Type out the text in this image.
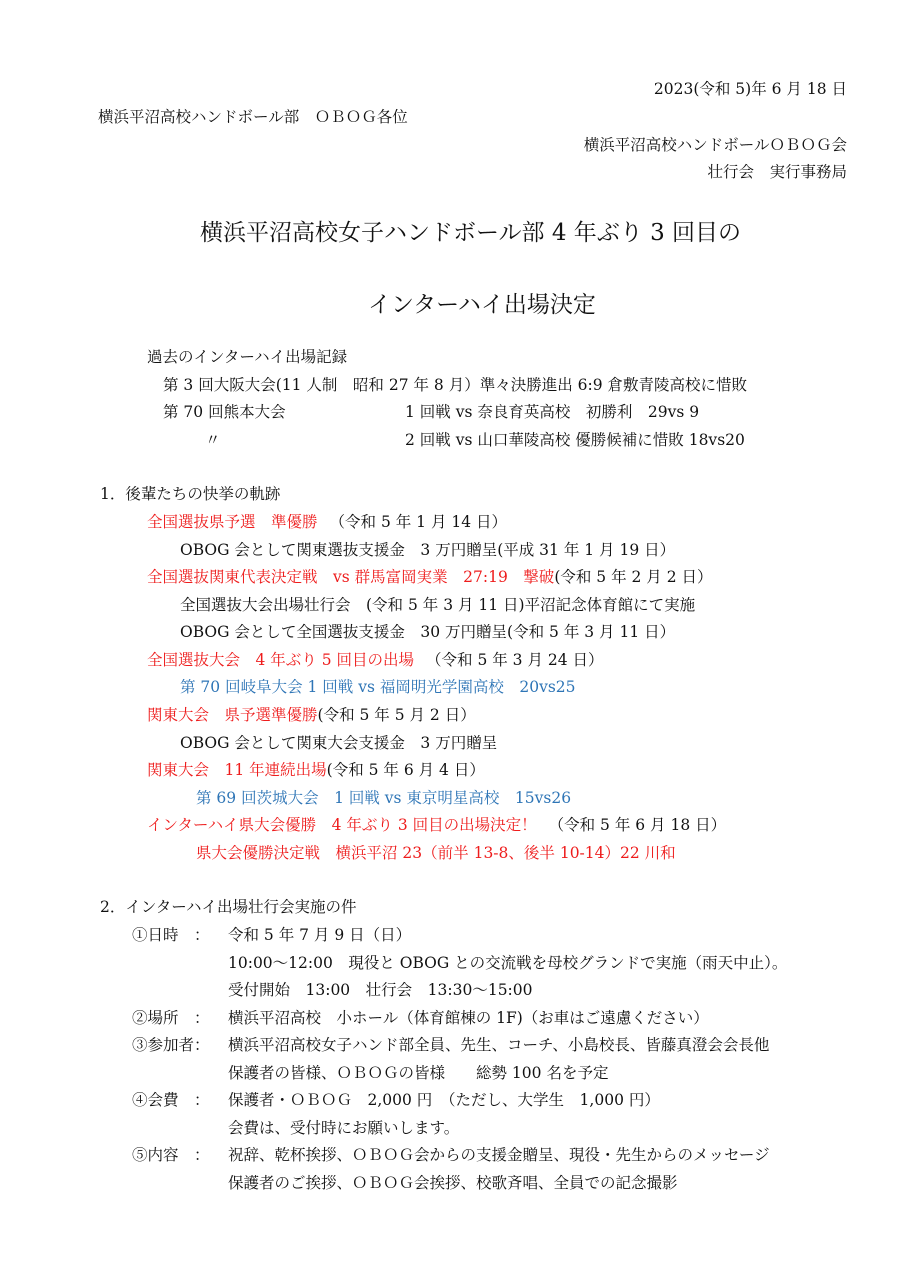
2023(令和 5)年 6 月 18 日
横浜平沼高校ハンドボール部　ＯＢＯＧ各位
横浜平沼高校ハンドボールＯＢＯＧ会
壮行会　実行事務局
横浜平沼高校女子ハンドボール部 4 年ぶり 3 回目の
インターハイ出場決定
過去のインターハイ出場記録
第 3 回大阪大会(11 人制　昭和 27 年 8 月）準々決勝進出 6:9 倉敷青陵高校に惜敗
第 70 回熊本大会	1 回戦 vs 奈良育英高校　初勝利　29vs 9
〃	2 回戦 vs 山口華陵高校 優勝候補に惜敗 18vs20
1．後輩たちの快挙の軌跡
全国選抜県予選　準優勝 （令和 5 年 1 月 14 日）
OBOG 会として関東選抜支援金　3 万円贈呈(平成 31 年 1 月 19 日）
全国選抜関東代表決定戦　vs 群馬富岡実業　27:19　撃破(令和 5 年 2 月 2 日）
全国選抜大会出場壮行会　(令和 5 年 3 月 11 日)平沼記念体育館にて実施
OBOG 会として全国選抜支援金　30 万円贈呈(令和 5 年 3 月 11 日）
全国選抜大会　4 年ぶり 5 回目の出場 （令和 5 年 3 月 24 日）
第 70 回岐阜大会 1 回戦 vs 福岡明光学園高校　20vs25
関東大会　県予選準優勝(令和 5 年 5 月 2 日）
OBOG 会として関東大会支援金　3 万円贈呈
関東大会　11 年連続出場(令和 5 年 6 月 4 日）
第 69 回茨城大会　1 回戦 vs 東京明星高校　15vs26
インターハイ県大会優勝　4 年ぶり 3 回目の出場決定！ （令和 5 年 6 月 18 日）
県大会優勝決定戦　横浜平沼 23（前半 13-8、後半 10-14）22 川和
2．インターハイ出場壮行会実施の件
①日時　： 令和 5 年 7 月 9 日（日）
10:00～12:00　現役と OBOG との交流戦を母校グランドで実施（雨天中止）。
受付開始　13:00　壮行会　13:30～15:00
②場所　： 横浜平沼高校　小ホール（体育館棟の 1F)（お車はご遠慮ください）
③参加者： 横浜平沼高校女子ハンド部全員、先生、コーチ、小島校長、皆藤真澄会会長他
保護者の皆様、ＯＢＯＧの皆様　　総勢 100 名を予定
④会費　： 保護者・ＯＢＯＧ　2,000 円　（ただし、大学生　1,000 円）
会費は、受付時にお願いします。
⑤内容　： 祝辞、乾杯挨拶、ＯＢＯＧ会からの支援金贈呈、現役・先生からのメッセージ
保護者のご挨拶、ＯＢＯＧ会挨拶、校歌斉唱、全員での記念撮影
